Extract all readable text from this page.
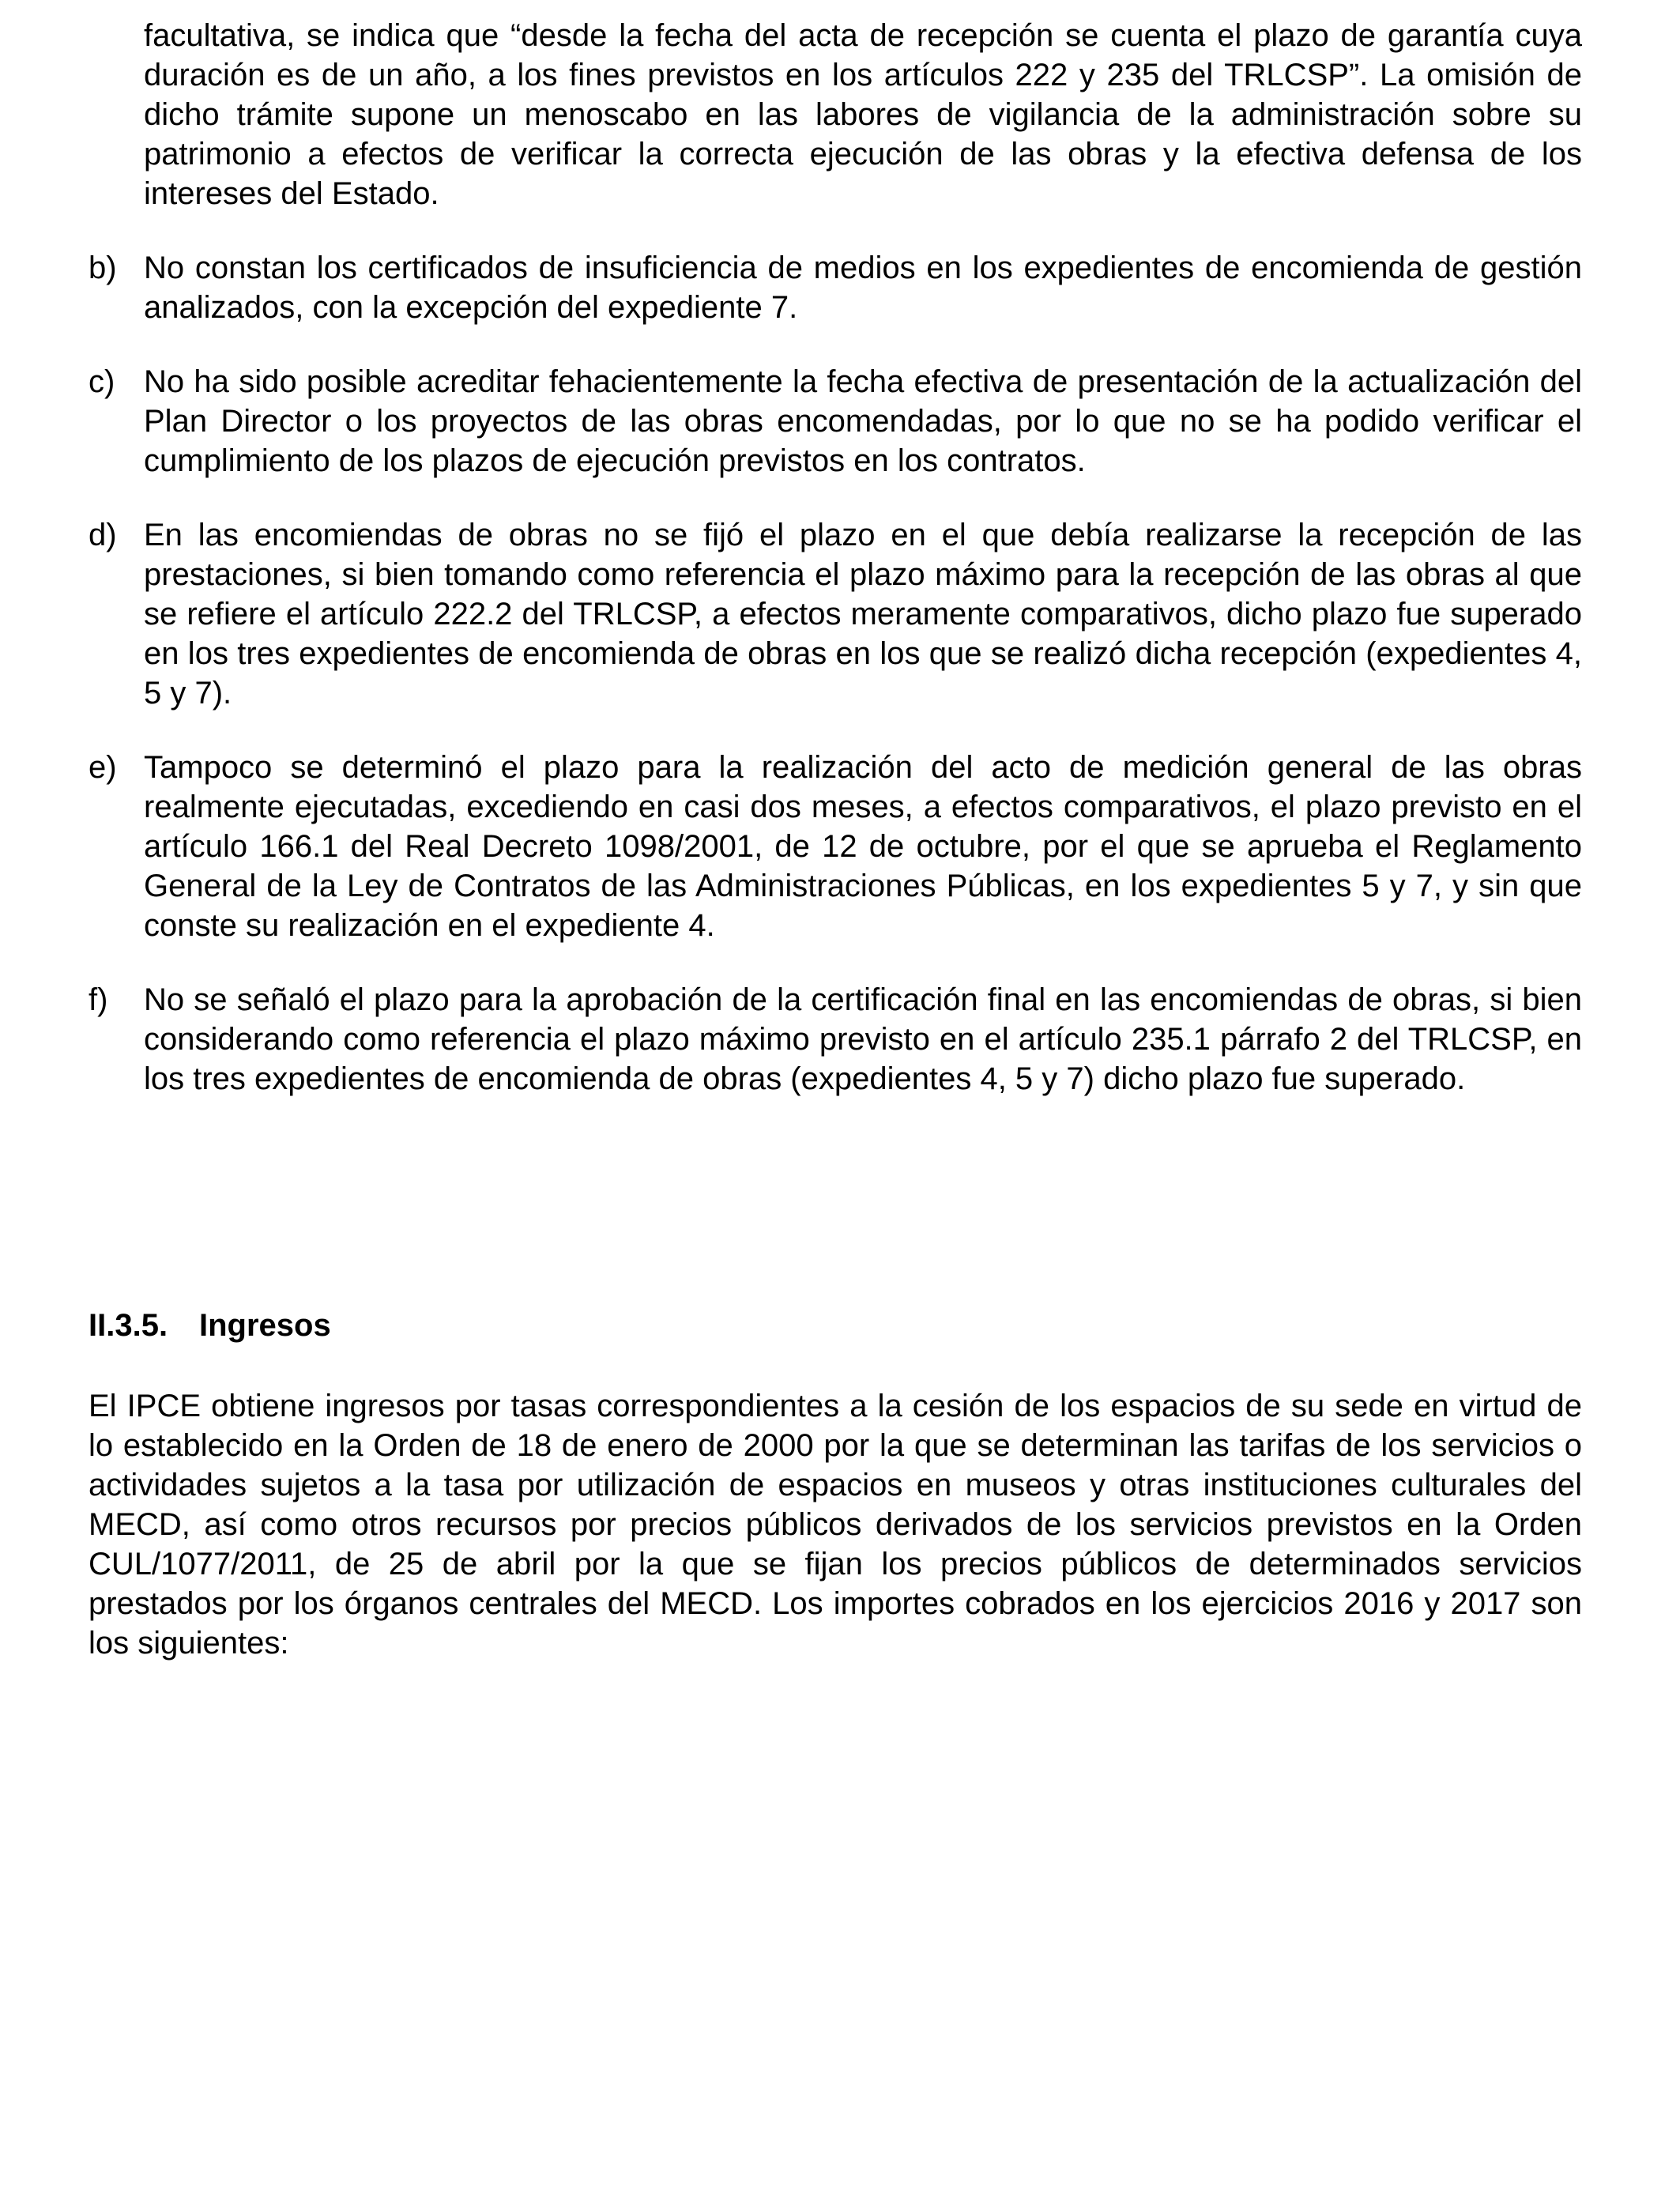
facultativa, se indica que “desde la fecha del acta de recepción se cuenta el plazo de garantía cuya duración es de un año, a los fines previstos en los artículos 222 y 235 del TRLCSP”. La omisión de dicho trámite supone un menoscabo en las labores de vigilancia de la administración sobre su patrimonio a efectos de verificar la correcta ejecución de las obras y la efectiva defensa de los intereses del Estado.

b) No constan los certificados de insuficiencia de medios en los expedientes de encomienda de gestión analizados, con la excepción del expediente 7.

c) No ha sido posible acreditar fehacientemente la fecha efectiva de presentación de la actualización del Plan Director o los proyectos de las obras encomendadas, por lo que no se ha podido verificar el cumplimiento de los plazos de ejecución previstos en los contratos.

d) En las encomiendas de obras no se fijó el plazo en el que debía realizarse la recepción de las prestaciones, si bien tomando como referencia el plazo máximo para la recepción de las obras al que se refiere el artículo 222.2 del TRLCSP, a efectos meramente comparativos, dicho plazo fue superado en los tres expedientes de encomienda de obras en los que se realizó dicha recepción (expedientes 4, 5 y 7).

e) Tampoco se determinó el plazo para la realización del acto de medición general de las obras realmente ejecutadas, excediendo en casi dos meses, a efectos comparativos, el plazo previsto en el artículo 166.1 del Real Decreto 1098/2001, de 12 de octubre, por el que se aprueba el Reglamento General de la Ley de Contratos de las Administraciones Públicas, en los expedientes 5 y 7, y sin que conste su realización en el expediente 4.

f)	No se señaló el plazo para la aprobación de la certificación final en las encomiendas de obras, si bien considerando como referencia el plazo máximo previsto en el artículo 235.1 párrafo 2 del TRLCSP, en los tres expedientes de encomienda de obras (expedientes 4, 5 y 7) dicho plazo fue superado.

II.3.5. Ingresos

El IPCE obtiene ingresos por tasas correspondientes a la cesión de los espacios de su sede en virtud de lo establecido en la Orden de 18 de enero de 2000 por la que se determinan las tarifas de los servicios o actividades sujetos a la tasa por utilización de espacios en museos y otras instituciones culturales del MECD, así como otros recursos por precios públicos derivados de los servicios previstos en la Orden CUL/1077/2011, de 25 de abril por la que se fijan los precios públicos de determinados servicios prestados por los órganos centrales del MECD. Los importes cobrados en los ejercicios 2016 y 2017 son los siguientes:
